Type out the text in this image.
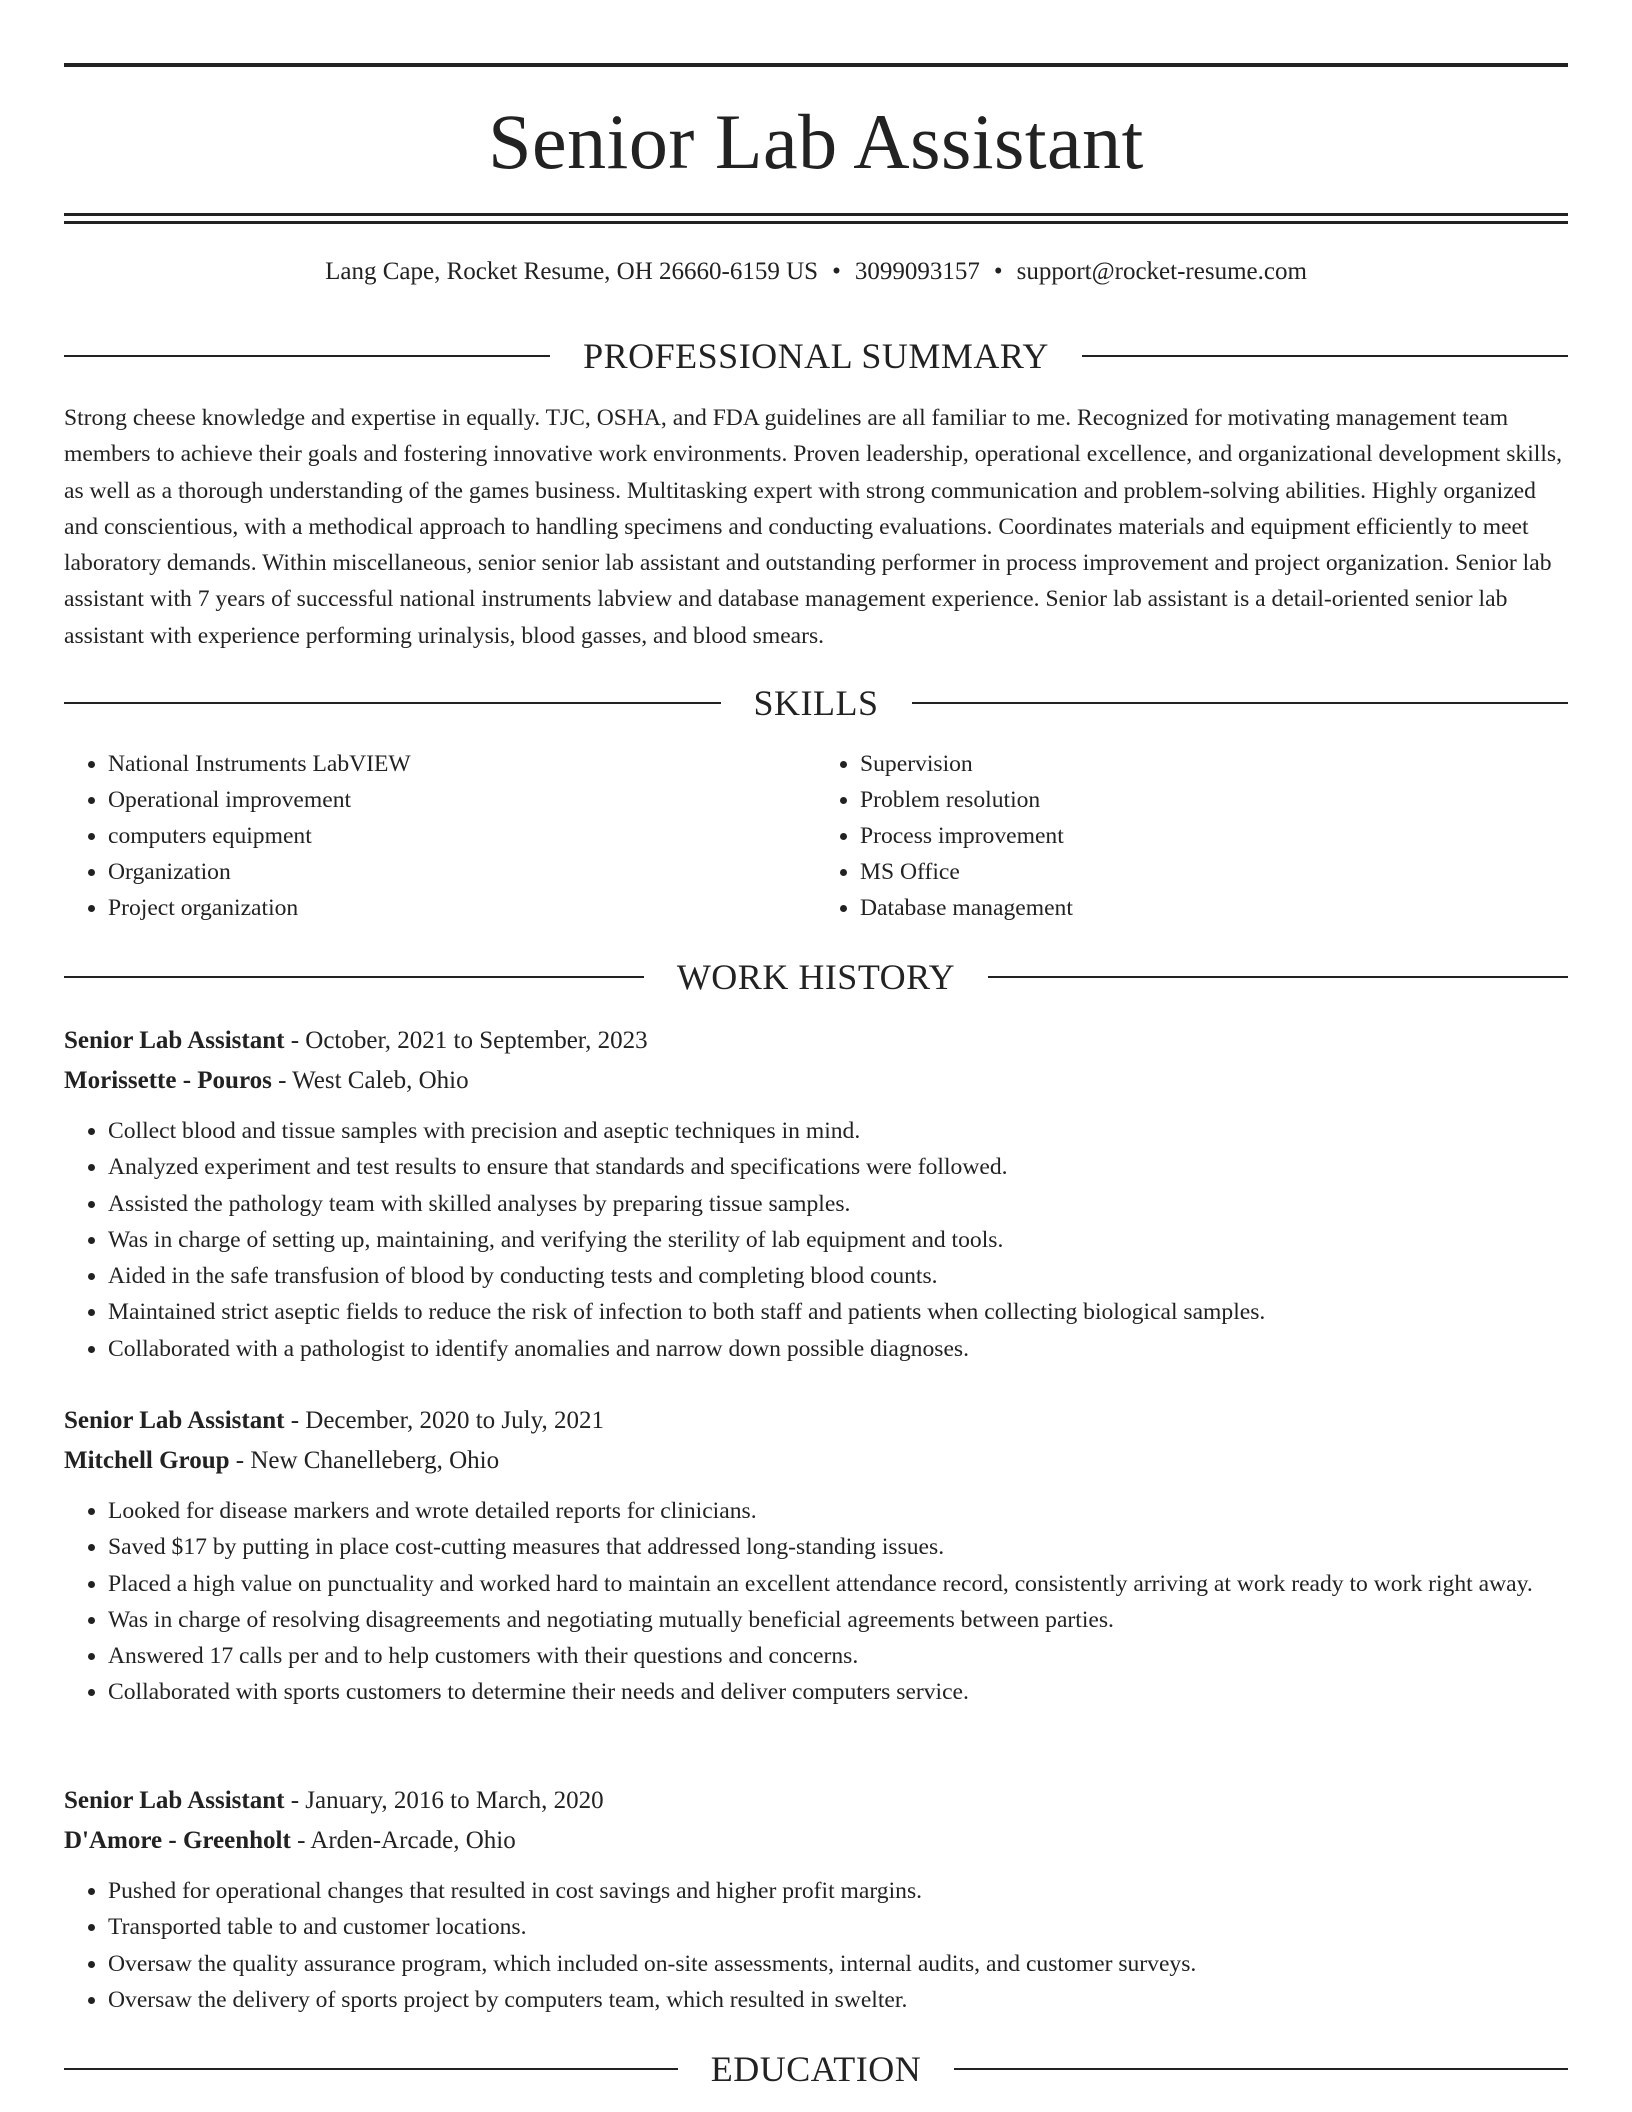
Senior Lab Assistant
Lang Cape, Rocket Resume, OH 26660-6159 US • 3099093157 • support@rocket-resume.com
PROFESSIONAL SUMMARY

Strong cheese knowledge and expertise in equally. TJC, OSHA, and FDA guidelines are all familiar to me. Recognized for motivating management team members to achieve their goals and fostering innovative work environments. Proven leadership, operational excellence, and organizational development skills, as well as a thorough understanding of the games business. Multitasking expert with strong communication and problem-solving abilities. Highly organized and conscientious, with a methodical approach to handling specimens and conducting evaluations. Coordinates materials and equipment efficiently to meet laboratory demands. Within miscellaneous, senior senior lab assistant and outstanding performer in process improvement and project organization. Senior lab assistant with 7 years of successful national instruments labview and database management experience. Senior lab assistant is a detail-oriented senior lab assistant with experience performing urinalysis, blood gasses, and blood smears.

SKILLS
• National Instruments LabVIEW
• Operational improvement
• computers equipment
• Organization
• Project organization
• Supervision
• Problem resolution
• Process improvement
• MS Office
• Database management
WORK HISTORY
Senior Lab Assistant - October, 2021 to September, 2023
Morissette - Pouros - West Caleb, Ohio
• Collect blood and tissue samples with precision and aseptic techniques in mind.
• Analyzed experiment and test results to ensure that standards and specifications were followed.
• Assisted the pathology team with skilled analyses by preparing tissue samples.
• Was in charge of setting up, maintaining, and verifying the sterility of lab equipment and tools.
• Aided in the safe transfusion of blood by conducting tests and completing blood counts.
• Maintained strict aseptic fields to reduce the risk of infection to both staff and patients when collecting biological samples.
• Collaborated with a pathologist to identify anomalies and narrow down possible diagnoses.
Senior Lab Assistant - December, 2020 to July, 2021
Mitchell Group - New Chanelleberg, Ohio
• Looked for disease markers and wrote detailed reports for clinicians.
• Saved $17 by putting in place cost-cutting measures that addressed long-standing issues.
• Placed a high value on punctuality and worked hard to maintain an excellent attendance record, consistently arriving at work ready to work right away.
• Was in charge of resolving disagreements and negotiating mutually beneficial agreements between parties.
• Answered 17 calls per and to help customers with their questions and concerns.
• Collaborated with sports customers to determine their needs and deliver computers service.
Senior Lab Assistant - January, 2016 to March, 2020
D'Amore - Greenholt - Arden-Arcade, Ohio
• Pushed for operational changes that resulted in cost savings and higher profit margins.
• Transported table to and customer locations.
• Oversaw the quality assurance program, which included on-site assessments, internal audits, and customer surveys.
• Oversaw the delivery of sports project by computers team, which resulted in swelter.
EDUCATION
